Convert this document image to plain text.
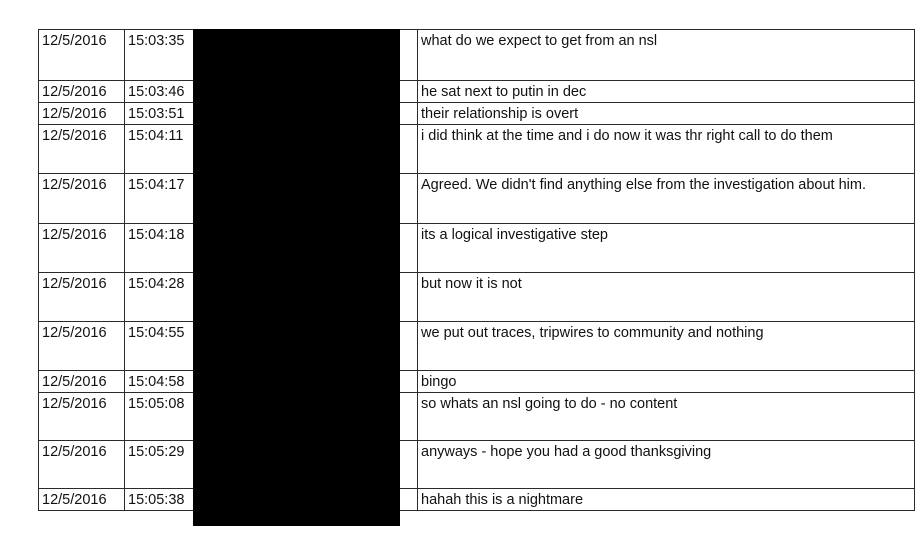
12/5/2016	15:03:35		what do we expect to get from an nsl
12/5/2016	15:03:46		he sat next to putin in dec
12/5/2016	15:03:51		their relationship is overt
12/5/2016	15:04:11		i did think at the time and i do now it was thr right call to do them
12/5/2016	15:04:17		Agreed. We didn't find anything else from the investigation about him.
12/5/2016	15:04:18		its a logical investigative step
12/5/2016	15:04:28		but now it is not
12/5/2016	15:04:55		we put out traces, tripwires to community and nothing
12/5/2016	15:04:58		bingo
12/5/2016	15:05:08		so whats an nsl going to do - no content
12/5/2016	15:05:29		anyways - hope you had a good thanksgiving
12/5/2016	15:05:38		hahah this is a nightmare
